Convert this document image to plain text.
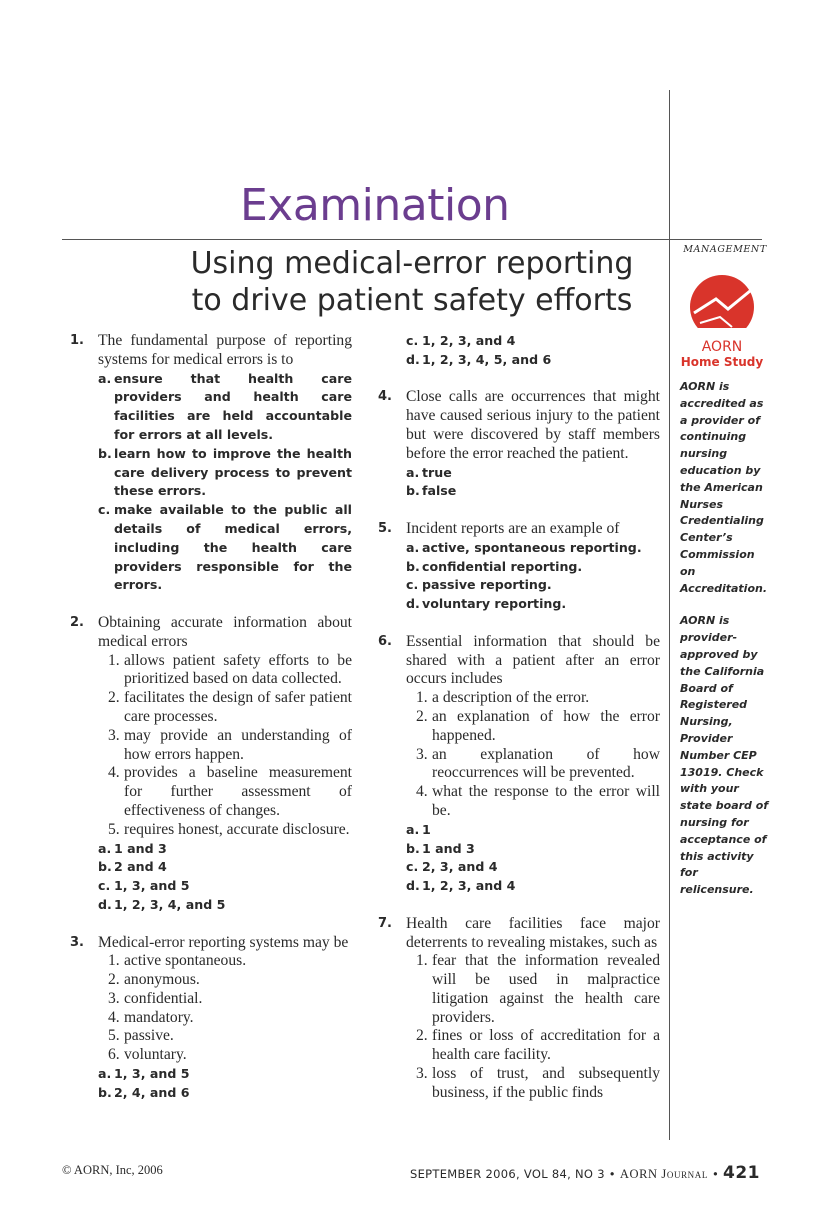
Examination
Using medical-error reporting
to drive patient safety efforts
1. The fundamental purpose of reporting systems for medical errors is to
a. ensure that health care providers and health care facilities are held accountable for errors at all levels.
b. learn how to improve the health care delivery process to prevent these errors.
c. make available to the public all details of medical errors, including the health care providers responsible for the errors.
2. Obtaining accurate information about medical errors
1. allows patient safety efforts to be prioritized based on data collected.
2. facilitates the design of safer patient care processes.
3. may provide an understanding of how errors happen.
4. provides a baseline measurement for further assessment of effectiveness of changes.
5. requires honest, accurate disclosure.
a. 1 and 3
b. 2 and 4
c. 1, 3, and 5
d. 1, 2, 3, 4, and 5
3. Medical-error reporting systems may be
1. active spontaneous.
2. anonymous.
3. confidential.
4. mandatory.
5. passive.
6. voluntary.
a. 1, 3, and 5
b. 2, 4, and 6
c. 1, 2, 3, and 4
d. 1, 2, 3, 4, 5, and 6
4. Close calls are occurrences that might have caused serious injury to the patient but were discovered by staff members before the error reached the patient.
a. true
b. false
5. Incident reports are an example of
a. active, spontaneous reporting.
b. confidential reporting.
c. passive reporting.
d. voluntary reporting.
6. Essential information that should be shared with a patient after an error occurs includes
1. a description of the error.
2. an explanation of how the error happened.
3. an explanation of how reoccurrences will be prevented.
4. what the response to the error will be.
a. 1
b. 1 and 3
c. 2, 3, and 4
d. 1, 2, 3, and 4
7. Health care facilities face major deterrents to revealing mistakes, such as
1. fear that the information revealed will be used in malpractice litigation against the health care providers.
2. fines or loss of accreditation for a health care facility.
3. loss of trust, and subsequently business, if the public finds
MANAGEMENT
AORN
Home Study

AORN is accredited as a provider of continuing nursing education by the American Nurses Credentialing Center’s Commission on Accreditation.

AORN is provider-approved by the California Board of Registered Nursing, Provider Number CEP 13019. Check with your state board of nursing for acceptance of this activity for relicensure.

© AORN, Inc, 2006	SEPTEMBER 2006, VOL 84, NO 3 • AORN Journal • 421
